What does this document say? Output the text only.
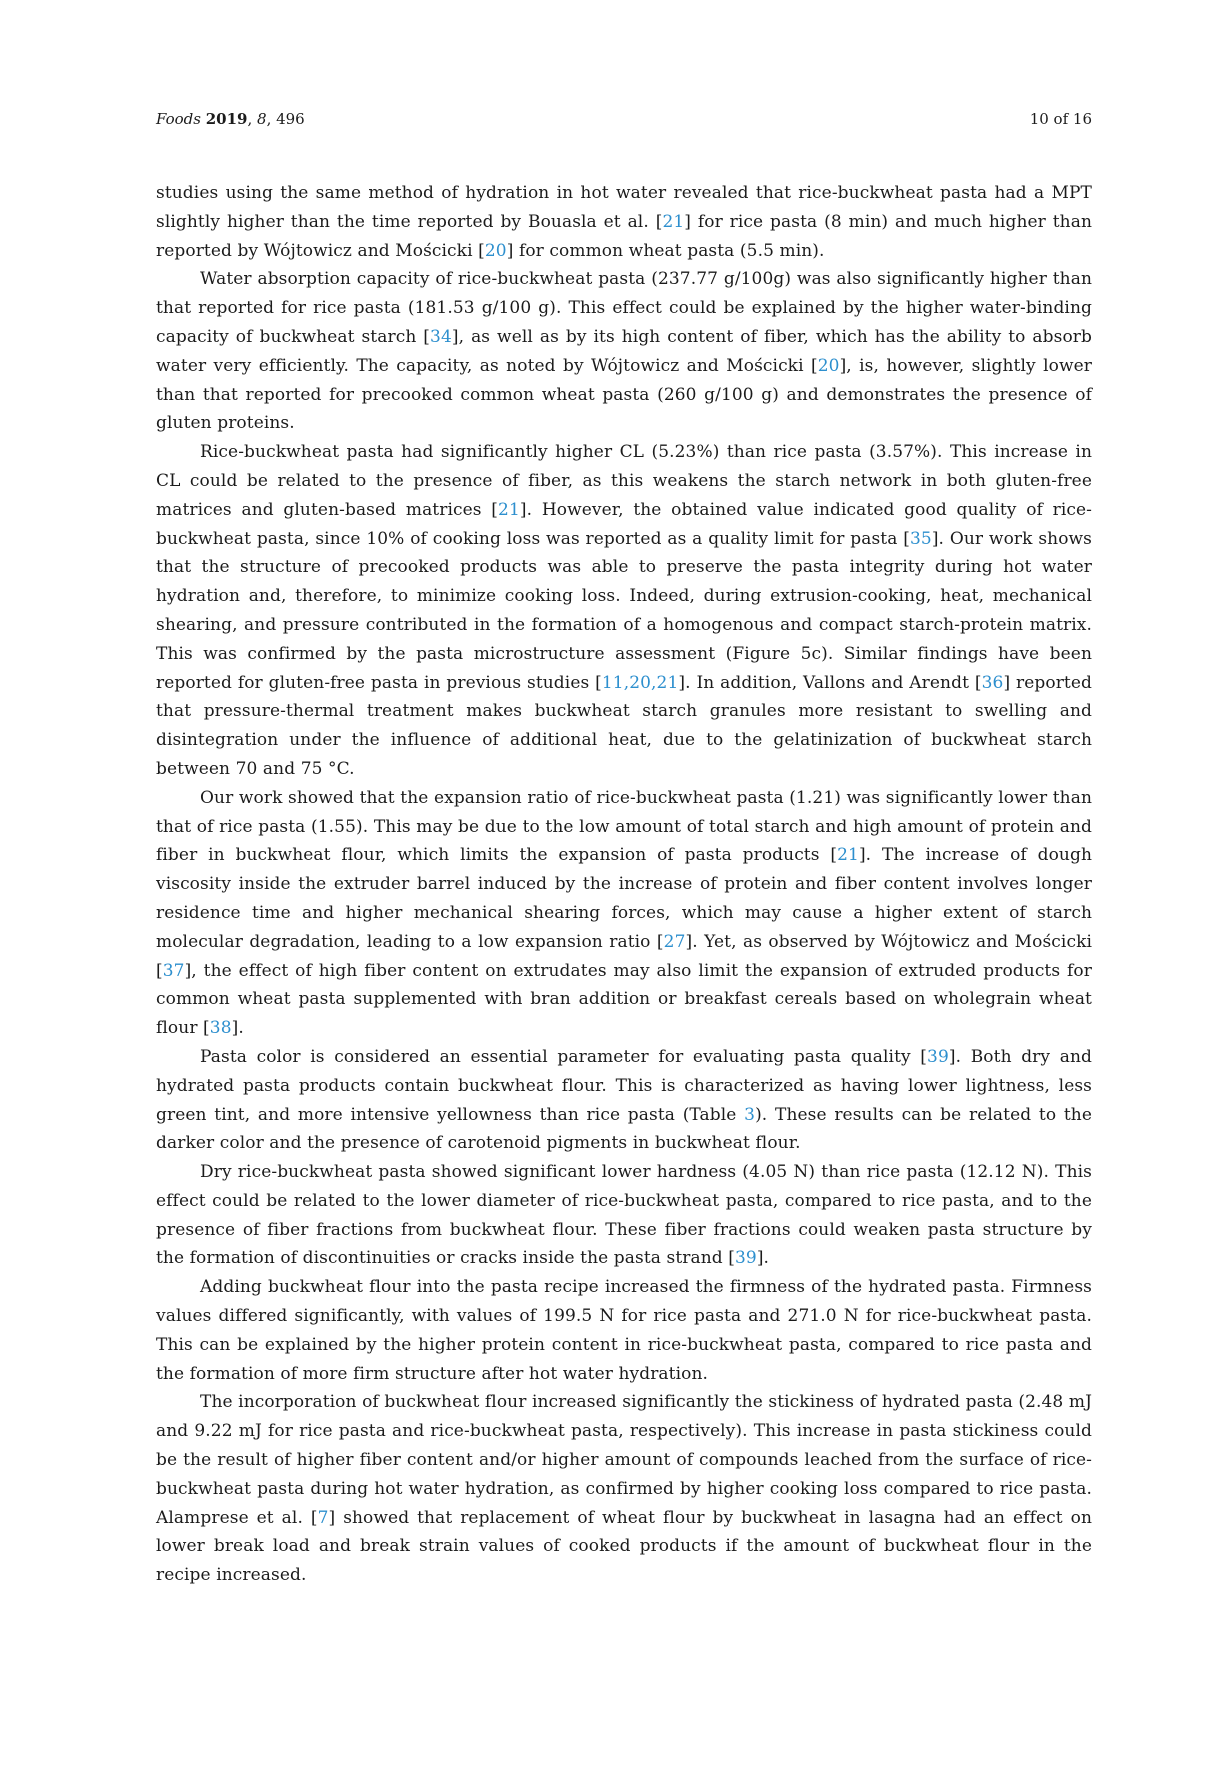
Foods 2019, 8, 496	10 of 16

studies using the same method of hydration in hot water revealed that rice-buckwheat pasta had a MPT slightly higher than the time reported by Bouasla et al. [21] for rice pasta (8 min) and much higher than reported by Wójtowicz and Mościcki [20] for common wheat pasta (5.5 min).

Water absorption capacity of rice-buckwheat pasta (237.77 g/100g) was also significantly higher than that reported for rice pasta (181.53 g/100 g). This effect could be explained by the higher water-binding capacity of buckwheat starch [34], as well as by its high content of fiber, which has the ability to absorb water very efficiently. The capacity, as noted by Wójtowicz and Mościcki [20], is, however, slightly lower than that reported for precooked common wheat pasta (260 g/100 g) and demonstrates the presence of gluten proteins.

Rice-buckwheat pasta had significantly higher CL (5.23%) than rice pasta (3.57%). This increase in CL could be related to the presence of fiber, as this weakens the starch network in both gluten-free matrices and gluten-based matrices [21]. However, the obtained value indicated good quality of rice-buckwheat pasta, since 10% of cooking loss was reported as a quality limit for pasta [35]. Our work shows that the structure of precooked products was able to preserve the pasta integrity during hot water hydration and, therefore, to minimize cooking loss. Indeed, during extrusion-cooking, heat, mechanical shearing, and pressure contributed in the formation of a homogenous and compact starch-protein matrix. This was confirmed by the pasta microstructure assessment (Figure 5c). Similar findings have been reported for gluten-free pasta in previous studies [11,20,21]. In addition, Vallons and Arendt [36] reported that pressure-thermal treatment makes buckwheat starch granules more resistant to swelling and disintegration under the influence of additional heat, due to the gelatinization of buckwheat starch between 70 and 75 °C.

Our work showed that the expansion ratio of rice-buckwheat pasta (1.21) was significantly lower than that of rice pasta (1.55). This may be due to the low amount of total starch and high amount of protein and fiber in buckwheat flour, which limits the expansion of pasta products [21]. The increase of dough viscosity inside the extruder barrel induced by the increase of protein and fiber content involves longer residence time and higher mechanical shearing forces, which may cause a higher extent of starch molecular degradation, leading to a low expansion ratio [27]. Yet, as observed by Wójtowicz and Mościcki [37], the effect of high fiber content on extrudates may also limit the expansion of extruded products for common wheat pasta supplemented with bran addition or breakfast cereals based on wholegrain wheat flour [38].

Pasta color is considered an essential parameter for evaluating pasta quality [39]. Both dry and hydrated pasta products contain buckwheat flour. This is characterized as having lower lightness, less green tint, and more intensive yellowness than rice pasta (Table 3). These results can be related to the darker color and the presence of carotenoid pigments in buckwheat flour.

Dry rice-buckwheat pasta showed significant lower hardness (4.05 N) than rice pasta (12.12 N). This effect could be related to the lower diameter of rice-buckwheat pasta, compared to rice pasta, and to the presence of fiber fractions from buckwheat flour. These fiber fractions could weaken pasta structure by the formation of discontinuities or cracks inside the pasta strand [39].

Adding buckwheat flour into the pasta recipe increased the firmness of the hydrated pasta. Firmness values differed significantly, with values of 199.5 N for rice pasta and 271.0 N for rice-buckwheat pasta. This can be explained by the higher protein content in rice-buckwheat pasta, compared to rice pasta and the formation of more firm structure after hot water hydration.

The incorporation of buckwheat flour increased significantly the stickiness of hydrated pasta (2.48 mJ and 9.22 mJ for rice pasta and rice-buckwheat pasta, respectively). This increase in pasta stickiness could be the result of higher fiber content and/or higher amount of compounds leached from the surface of rice-buckwheat pasta during hot water hydration, as confirmed by higher cooking loss compared to rice pasta. Alamprese et al. [7] showed that replacement of wheat flour by buckwheat in lasagna had an effect on lower break load and break strain values of cooked products if the amount of buckwheat flour in the recipe increased.
